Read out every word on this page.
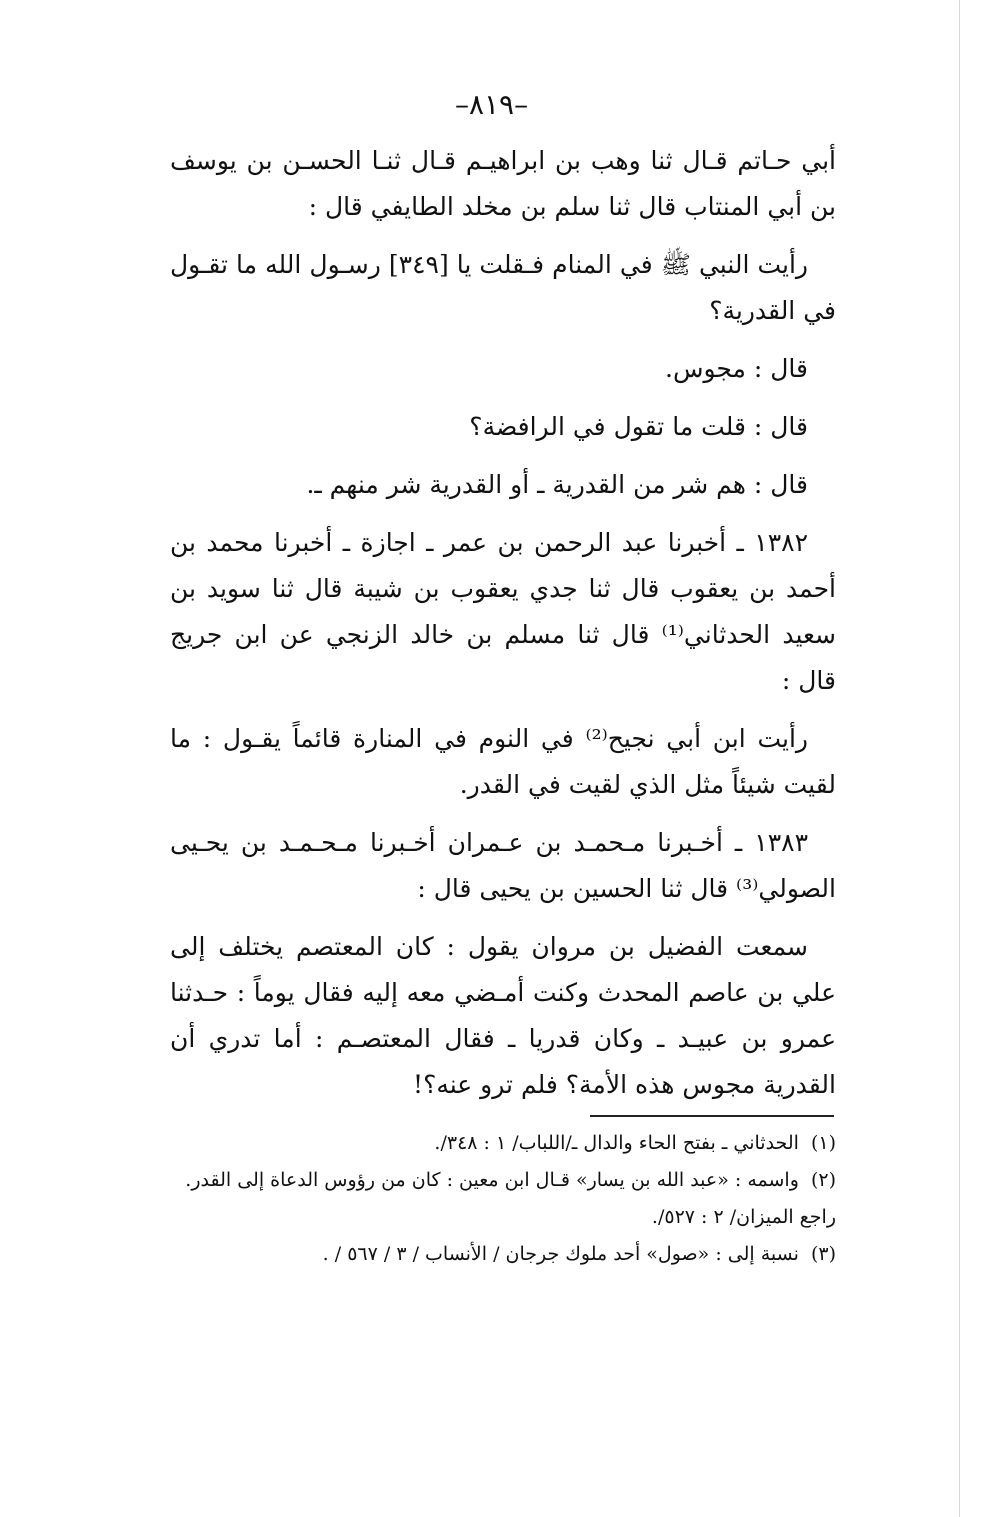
–٨١٩–

أبي حـاتم قـال ثنا وهب بن ابراهيـم قـال ثنـا الحسـن بن يوسف بن أبي المنتاب قال ثنا سلم بن مخلد الطايفي قال :

رأيت النبي ﷺ في المنام فـقلت يا [٣٤٩] رسـول الله ما تقـول في القدرية؟

قال : مجوس.

قال : قلت ما تقول في الرافضة؟

قال : هم شر من القدرية ـ أو القدرية شر منهم ـ.

١٣٨٢ ـ أخبرنا عبد الرحمن بن عمر ـ اجازة ـ أخبرنا محمد بن أحمد بن يعقوب قال ثنا جدي يعقوب بن شيبة قال ثنا سويد بن سعيد الحدثاني⁽¹⁾ قال ثنا مسلم بن خالد الزنجي عن ابن جريج قال :

رأيت ابن أبي نجيح⁽²⁾ في النوم في المنارة قائماً يقـول : ما لقيت شيئاً مثل الذي لقيت في القدر.

١٣٨٣ ـ أخـبرنا مـحمـد بن عـمران أخـبرنا مـحـمـد بن يحـيى الصولي⁽³⁾ قال ثنا الحسين بن يحيى قال :

سمعت الفضيل بن مروان يقول : كان المعتصم يختلف إلى علي بن عاصم المحدث وكنت أمـضي معه إليه فقال يوماً : حـدثنا عمرو بن عبيـد ـ وكان قدريا ـ فقال المعتصـم : أما تدري أن القدرية مجوس هذه الأمة؟ فلم ترو عنه؟!

(١) الحدثاني ـ بفتح الحاء والدال ـ/اللباب/ ١ : ٣٤٨/.

(٢) واسمه : «عبد الله بن يسار» قـال ابن معين : كان من رؤوس الدعاة إلى القدر. راجع الميزان/ ٢ : ٥٢٧/.

(٣) نسبة إلى : «صول» أحد ملوك جرجان / الأنساب / ٣ / ٥٦٧ / .
